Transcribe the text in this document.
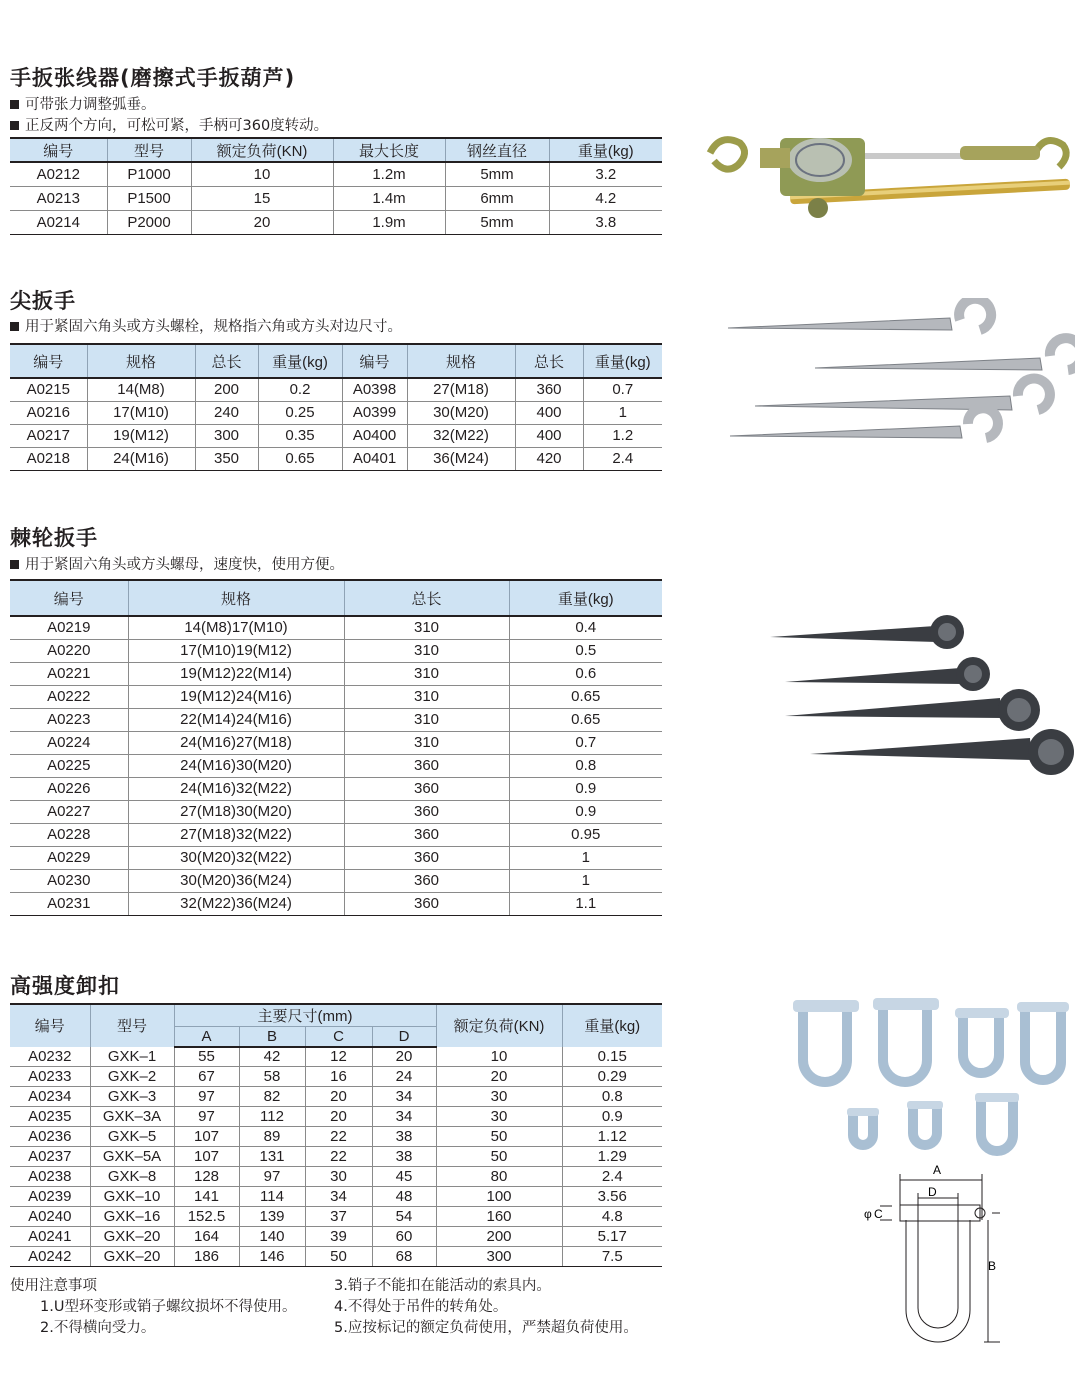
手扳张线器(磨擦式手扳葫芦)
可带张力调整弧垂。
正反两个方向，可松可紧，手柄可360度转动。
编号	型号	额定负荷(KN)	最大长度	钢丝直径	重量(kg)
A0212	P1000	10	1.2m	5mm	3.2
A0213	P1500	15	1.4m	6mm	4.2
A0214	P2000	20	1.9m	5mm	3.8
尖扳手
用于紧固六角头或方头螺栓，规格指六角或方头对边尺寸。
编号	规格	总长	重量(kg)	编号	规格	总长	重量(kg)
A0215	14(M8)	200	0.2	A0398	27(M18)	360	0.7
A0216	17(M10)	240	0.25	A0399	30(M20)	400	1
A0217	19(M12)	300	0.35	A0400	32(M22)	400	1.2
A0218	24(M16)	350	0.65	A0401	36(M24)	420	2.4
棘轮扳手
用于紧固六角头或方头螺母，速度快，使用方便。
编号	规格	总长	重量(kg)
A0219	14(M8)17(M10)	310	0.4
A0220	17(M10)19(M12)	310	0.5
A0221	19(M12)22(M14)	310	0.6
A0222	19(M12)24(M16)	310	0.65
A0223	22(M14)24(M16)	310	0.65
A0224	24(M16)27(M18)	310	0.7
A0225	24(M16)30(M20)	360	0.8
A0226	24(M16)32(M22)	360	0.9
A0227	27(M18)30(M20)	360	0.9
A0228	27(M18)32(M22)	360	0.95
A0229	30(M20)32(M22)	360	1
A0230	30(M20)36(M24)	360	1
A0231	32(M22)36(M24)	360	1.1
高强度卸扣
编号	型号	主要尺寸(mm)				额定负荷(KN)	重量(kg)
		A	B	C	D		
A0232	GXK–1	55	42	12	20	10	0.15
A0233	GXK–2	67	58	16	24	20	0.29
A0234	GXK–3	97	82	20	34	30	0.8
A0235	GXK–3A	97	112	20	34	30	0.9
A0236	GXK–5	107	89	22	38	50	1.12
A0237	GXK–5A	107	131	22	38	50	1.29
A0238	GXK–8	128	97	30	45	80	2.4
A0239	GXK–10	141	114	34	48	100	3.56
A0240	GXK–16	152.5	139	37	54	160	4.8
A0241	GXK–20	164	140	39	60	200	5.17
A0242	GXK–20	186	146	50	68	300	7.5
使用注意事项
1.U型环变形或销子螺纹损坏不得使用。
2.不得横向受力。
3.销子不能扣在能活动的索具内。
4.不得处于吊件的转角处。
5.应按标记的额定负荷使用，严禁超负荷使用。
A
D
φ C
B
